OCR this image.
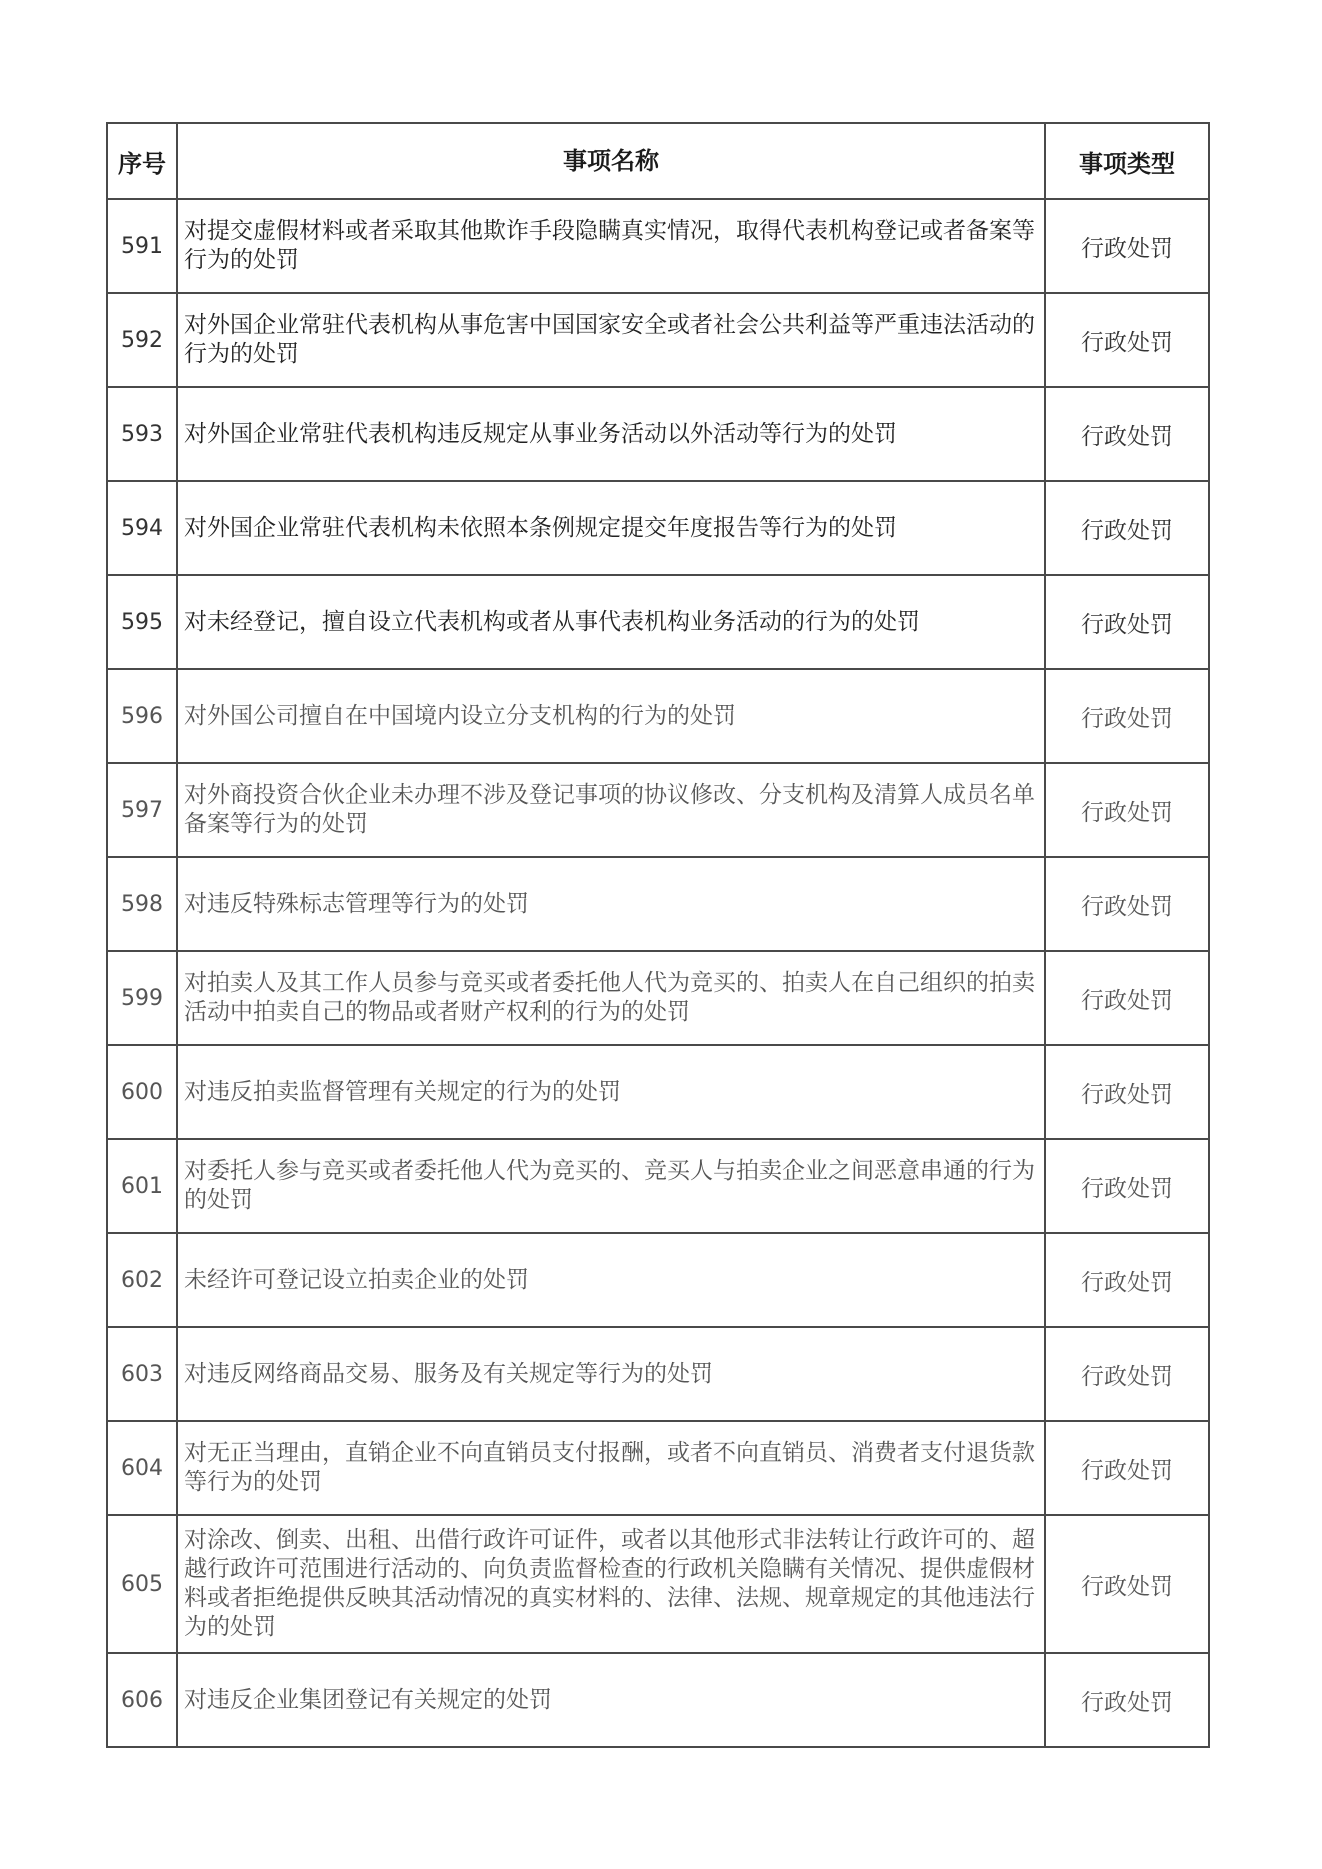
序号	事项名称	事项类型
591	对提交虚假材料或者采取其他欺诈手段隐瞒真实情况，取得代表机构登记或者备案等行为的处罚	行政处罚
592	对外国企业常驻代表机构从事危害中国国家安全或者社会公共利益等严重违法活动的行为的处罚	行政处罚
593	对外国企业常驻代表机构违反规定从事业务活动以外活动等行为的处罚	行政处罚
594	对外国企业常驻代表机构未依照本条例规定提交年度报告等行为的处罚	行政处罚
595	对未经登记，擅自设立代表机构或者从事代表机构业务活动的行为的处罚	行政处罚
596	对外国公司擅自在中国境内设立分支机构的行为的处罚	行政处罚
597	对外商投资合伙企业未办理不涉及登记事项的协议修改、分支机构及清算人成员名单备案等行为的处罚	行政处罚
598	对违反特殊标志管理等行为的处罚	行政处罚
599	对拍卖人及其工作人员参与竞买或者委托他人代为竞买的、拍卖人在自己组织的拍卖活动中拍卖自己的物品或者财产权利的行为的处罚	行政处罚
600	对违反拍卖监督管理有关规定的行为的处罚	行政处罚
601	对委托人参与竞买或者委托他人代为竞买的、竞买人与拍卖企业之间恶意串通的行为的处罚	行政处罚
602	未经许可登记设立拍卖企业的处罚	行政处罚
603	对违反网络商品交易、服务及有关规定等行为的处罚	行政处罚
604	对无正当理由，直销企业不向直销员支付报酬，或者不向直销员、消费者支付退货款等行为的处罚	行政处罚
605	对涂改、倒卖、出租、出借行政许可证件，或者以其他形式非法转让行政许可的、超越行政许可范围进行活动的、向负责监督检查的行政机关隐瞒有关情况、提供虚假材料或者拒绝提供反映其活动情况的真实材料的、法律、法规、规章规定的其他违法行为的处罚	行政处罚
606	对违反企业集团登记有关规定的处罚	行政处罚
